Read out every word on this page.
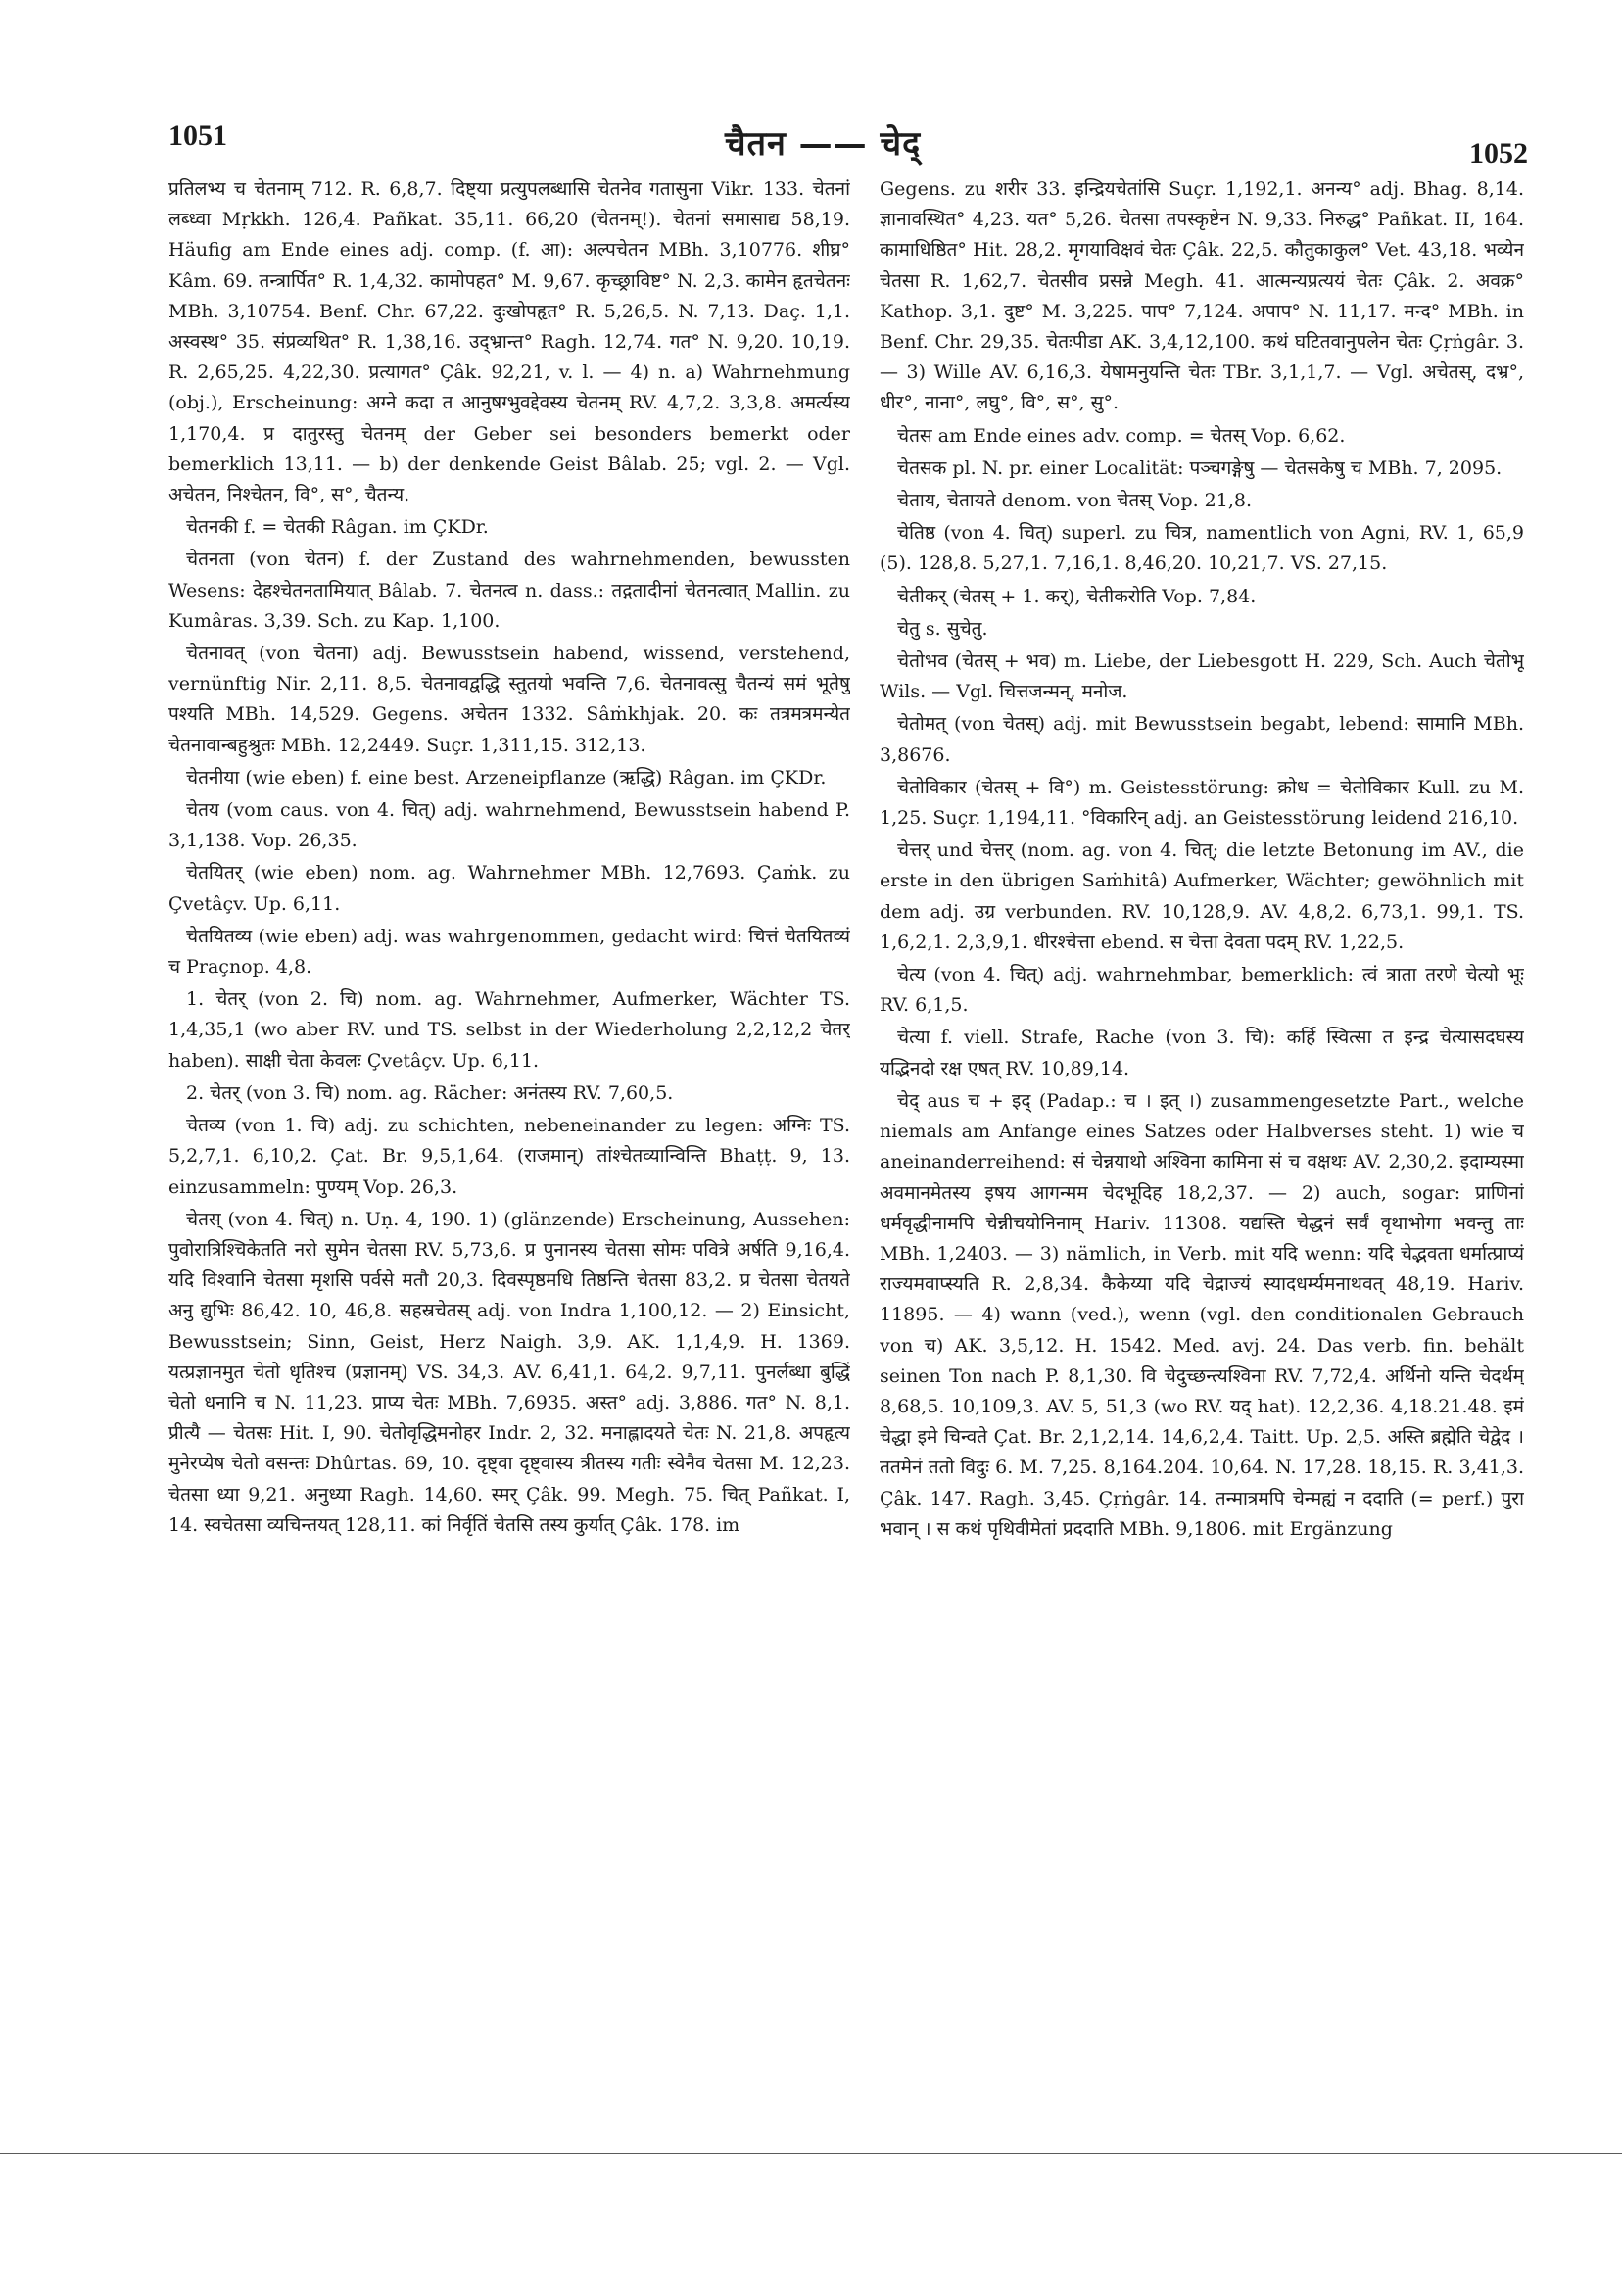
1051	चैतन —— चेद्	1052

प्रतिलभ्य च चेतनाम् 712. R. 6,8,7. दिष्ट्या प्रत्युपलब्धासि चेतनेव गतासुना Vikr. 133. चेतनां लब्ध्वा Mṛkkh. 126,4. Pañkat. 35,11. 66,20 (चेतनम्!). चेतनां समासाद्य 58,19. Häufig am Ende eines adj. comp. (f. आ): अल्पचेतन MBh. 3,10776. शीघ्र° Kâm. 69. तन्त्रार्पित° R. 1,4,32. कामोपहत° M. 9,67. कृच्छ्राविष्ट° N. 2,3. कामेन हृतचेतनः MBh. 3,10754. Benf. Chr. 67,22. दुःखोपहृत° R. 5,26,5. N. 7,13. Daç. 1,1. अस्वस्थ° 35. संप्रव्यथित° R. 1,38,16. उद्भ्रान्त° Ragh. 12,74. गत° N. 9,20. 10,19. R. 2,65,25. 4,22,30. प्रत्यागत° Çâk. 92,21, v. l. — 4) n. a) Wahrnehmung (obj.), Erscheinung: अग्ने कदा त आनुषग्भुवद्देवस्य चेतनम् RV. 4,7,2. 3,3,8. अमर्त्यस्य 1,170,4. प्र दातुरस्तु चेतनम् der Geber sei besonders bemerkt oder bemerklich 13,11. — b) der denkende Geist Bâlab. 25; vgl. 2. — Vgl. अचेतन, निश्चेतन, वि°, स°, चैतन्य.

चेतनकी f. = चेतकी Râgan. im ÇKDr.

चेतनता (von चेतन) f. der Zustand des wahrnehmenden, bewussten Wesens: देहश्चेतनतामियात् Bâlab. 7. चेतनत्व n. dass.: तद्गतादीनां चेतनत्वात् Mallin. zu Kumâras. 3,39. Sch. zu Kap. 1,100.

चेतनावत् (von चेतना) adj. Bewusstsein habend, wissend, verstehend, vernünftig Nir. 2,11. 8,5. चेतनावद्वद्धि स्तुतयो भवन्ति 7,6. चेतनावत्सु चैतन्यं समं भूतेषु पश्यति MBh. 14,529. Gegens. अचेतन 1332. Sâṁkhjak. 20. कः तत्रमत्रमन्येत चेतनावान्बहुश्रुतः MBh. 12,2449. Suçr. 1,311,15. 312,13.

चेतनीया (wie eben) f. eine best. Arzeneipflanze (ऋद्धि) Râgan. im ÇKDr.

चेतय (vom caus. von 4. चित्) adj. wahrnehmend, Bewusstsein habend P. 3,1,138. Vop. 26,35.

चेतयितर् (wie eben) nom. ag. Wahrnehmer MBh. 12,7693. Çaṁk. zu Çvetâçv. Up. 6,11.

चेतयितव्य (wie eben) adj. was wahrgenommen, gedacht wird: चित्तं चेतयितव्यं च Praçnop. 4,8.

1. चेतर् (von 2. चि) nom. ag. Wahrnehmer, Aufmerker, Wächter TS. 1,4,35,1 (wo aber RV. und TS. selbst in der Wiederholung 2,2,12,2 चेतर् haben). साक्षी चेता केवलः Çvetâçv. Up. 6,11.

2. चेतर् (von 3. चि) nom. ag. Rächer: अनंतस्य RV. 7,60,5.

चेतव्य (von 1. चि) adj. zu schichten, nebeneinander zu legen: अग्निः TS. 5,2,7,1. 6,10,2. Çat. Br. 9,5,1,64. (राजमान्) तांश्चेतव्यान्विन्ति Bhaṭṭ. 9, 13. einzusammeln: पुण्यम् Vop. 26,3.

चेतस् (von 4. चित्) n. Uṇ. 4, 190. 1) (glänzende) Erscheinung, Aussehen: पुवोरात्रिश्चिकेतति नरो सुमेन चेतसा RV. 5,73,6. प्र पुनानस्य चेतसा सोमः पवित्रे अर्षति 9,16,4. यदि विश्वानि चेतसा मृशसि पर्वसे मतौ 20,3. दिवस्पृष्ठमधि तिष्ठन्ति चेतसा 83,2. प्र चेतसा चेतयते अनु द्युभिः 86,42. 10, 46,8. सहस्रचेतस् adj. von Indra 1,100,12. — 2) Einsicht, Bewusstsein; Sinn, Geist, Herz Naigh. 3,9. AK. 1,1,4,9. H. 1369. यत्प्रज्ञानमुत चेतो धृतिश्च (प्रज्ञानम्) VS. 34,3. AV. 6,41,1. 64,2. 9,7,11. पुनर्लब्धा बुद्धिं चेतो धनानि च N. 11,23. प्राप्य चेतः MBh. 7,6935. अस्त° adj. 3,886. गत° N. 8,1. प्रीत्यै — चेतसः Hit. I, 90. चेतोवृद्धिमनोहर Indr. 2, 32. मनाह्लादयते चेतः N. 21,8. अपहृत्य मुनेरप्येष चेतो वसन्तः Dhûrtas. 69, 10. दृष्ट्वा दृष्ट्वास्य त्रीतस्य गतीः स्वेनैव चेतसा M. 12,23. चेतसा ध्या 9,21. अनुध्या Ragh. 14,60. स्मर् Çâk. 99. Megh. 75. चित् Pañkat. I, 14. स्वचेतसा व्यचिन्तयत् 128,11. कां निर्वृतिं चेतसि तस्य कुर्यात् Çâk. 178. im

Gegens. zu शरीर 33. इन्द्रियचेतांसि Suçr. 1,192,1. अनन्य° adj. Bhag. 8,14. ज्ञानावस्थित° 4,23. यत° 5,26. चेतसा तपस्कृष्टेन N. 9,33. निरुद्ध° Pañkat. II, 164. कामाधिष्ठित° Hit. 28,2. मृगयाविक्षवं चेतः Çâk. 22,5. कौतुकाकुल° Vet. 43,18. भव्येन चेतसा R. 1,62,7. चेतसीव प्रसन्ने Megh. 41. आत्मन्यप्रत्ययं चेतः Çâk. 2. अवक्र° Kathop. 3,1. दुष्ट° M. 3,225. पाप° 7,124. अपाप° N. 11,17. मन्द° MBh. in Benf. Chr. 29,35. चेतःपीडा AK. 3,4,12,100. कथं घटितवानुपलेन चेतः Çṛṅgâr. 3. — 3) Wille AV. 6,16,3. येषामनुयन्ति चेतः TBr. 3,1,1,7. — Vgl. अचेतस्, दभ्र°, धीर°, नाना°, लघु°, वि°, स°, सु°.

चेतस am Ende eines adv. comp. = चेतस् Vop. 6,62.

चेतसक pl. N. pr. einer Localität: पञ्चगङ्गेषु — चेतसकेषु च MBh. 7, 2095.

चेताय, चेतायते denom. von चेतस् Vop. 21,8.

चेतिष्ठ (von 4. चित्) superl. zu चित्र, namentlich von Agni, RV. 1, 65,9 (5). 128,8. 5,27,1. 7,16,1. 8,46,20. 10,21,7. VS. 27,15.

चेतीकर् (चेतस् + 1. कर्), चेतीकरोति Vop. 7,84.

चेतु s. सुचेतु.

चेतोभव (चेतस् + भव) m. Liebe, der Liebesgott H. 229, Sch. Auch चेतोभू Wils. — Vgl. चित्तजन्मन्, मनोज.

चेतोमत् (von चेतस्) adj. mit Bewusstsein begabt, lebend: सामानि MBh. 3,8676.

चेतोविकार (चेतस् + वि°) m. Geistesstörung: क्रोध = चेतोविकार Kull. zu M. 1,25. Suçr. 1,194,11. °विकारिन् adj. an Geistesstörung leidend 216,10.

चेत्तर् und चेत्तर् (nom. ag. von 4. चित्; die letzte Betonung im AV., die erste in den übrigen Saṁhitâ) Aufmerker, Wächter; gewöhnlich mit dem adj. उग्र verbunden. RV. 10,128,9. AV. 4,8,2. 6,73,1. 99,1. TS. 1,6,2,1. 2,3,9,1. धीरश्चेत्ता ebend. स चेत्ता देवता पदम् RV. 1,22,5.

चेत्य (von 4. चित्) adj. wahrnehmbar, bemerklich: त्वं त्राता तरणे चेत्यो भूः RV. 6,1,5.

चेत्या f. viell. Strafe, Rache (von 3. चि): कर्हि स्वित्सा त इन्द्र चेत्यासदघस्य यद्भिनदो रक्ष एषत् RV. 10,89,14.

चेद् aus च + इद् (Padap.: च । इत् ।) zusammengesetzte Part., welche niemals am Anfange eines Satzes oder Halbverses steht. 1) wie च aneinanderreihend: सं चेन्नयाथो अश्विना कामिना सं च वक्षथः AV. 2,30,2. इदाम्यस्मा अवमानमेतस्य इषय आगन्मम चेदभूदिह 18,2,37. — 2) auch, sogar: प्राणिनां धर्मवृद्धीनामपि चेन्नीचयोनिनाम् Hariv. 11308. यद्यस्ति चेद्धनं सर्वं वृथाभोगा भवन्तु ताः MBh. 1,2403. — 3) nämlich, in Verb. mit यदि wenn: यदि चेद्भवता धर्मात्प्राप्यं राज्यमवाप्स्यति R. 2,8,34. कैकेय्या यदि चेद्राज्यं स्यादधर्म्यमनाथवत् 48,19. Hariv. 11895. — 4) wann (ved.), wenn (vgl. den conditionalen Gebrauch von च) AK. 3,5,12. H. 1542. Med. avj. 24. Das verb. fin. behält seinen Ton nach P. 8,1,30. वि चेदुच्छन्त्यश्विना RV. 7,72,4. अर्थिनो यन्ति चेदर्थम् 8,68,5. 10,109,3. AV. 5, 51,3 (wo RV. यद् hat). 12,2,36. 4,18.21.48. इमं चेद्धा इमे चिन्वते Çat. Br. 2,1,2,14. 14,6,2,4. Taitt. Up. 2,5. अस्ति ब्रह्मेति चेद्वेद । ततमेनं ततो विदुः 6. M. 7,25. 8,164.204. 10,64. N. 17,28. 18,15. R. 3,41,3. Çâk. 147. Ragh. 3,45. Çṛṅgâr. 14. तन्मात्रमपि चेन्मह्यं न ददाति (= perf.) पुरा भवान् । स कथं पृथिवीमेतां प्रददाति MBh. 9,1806. mit Ergänzung
